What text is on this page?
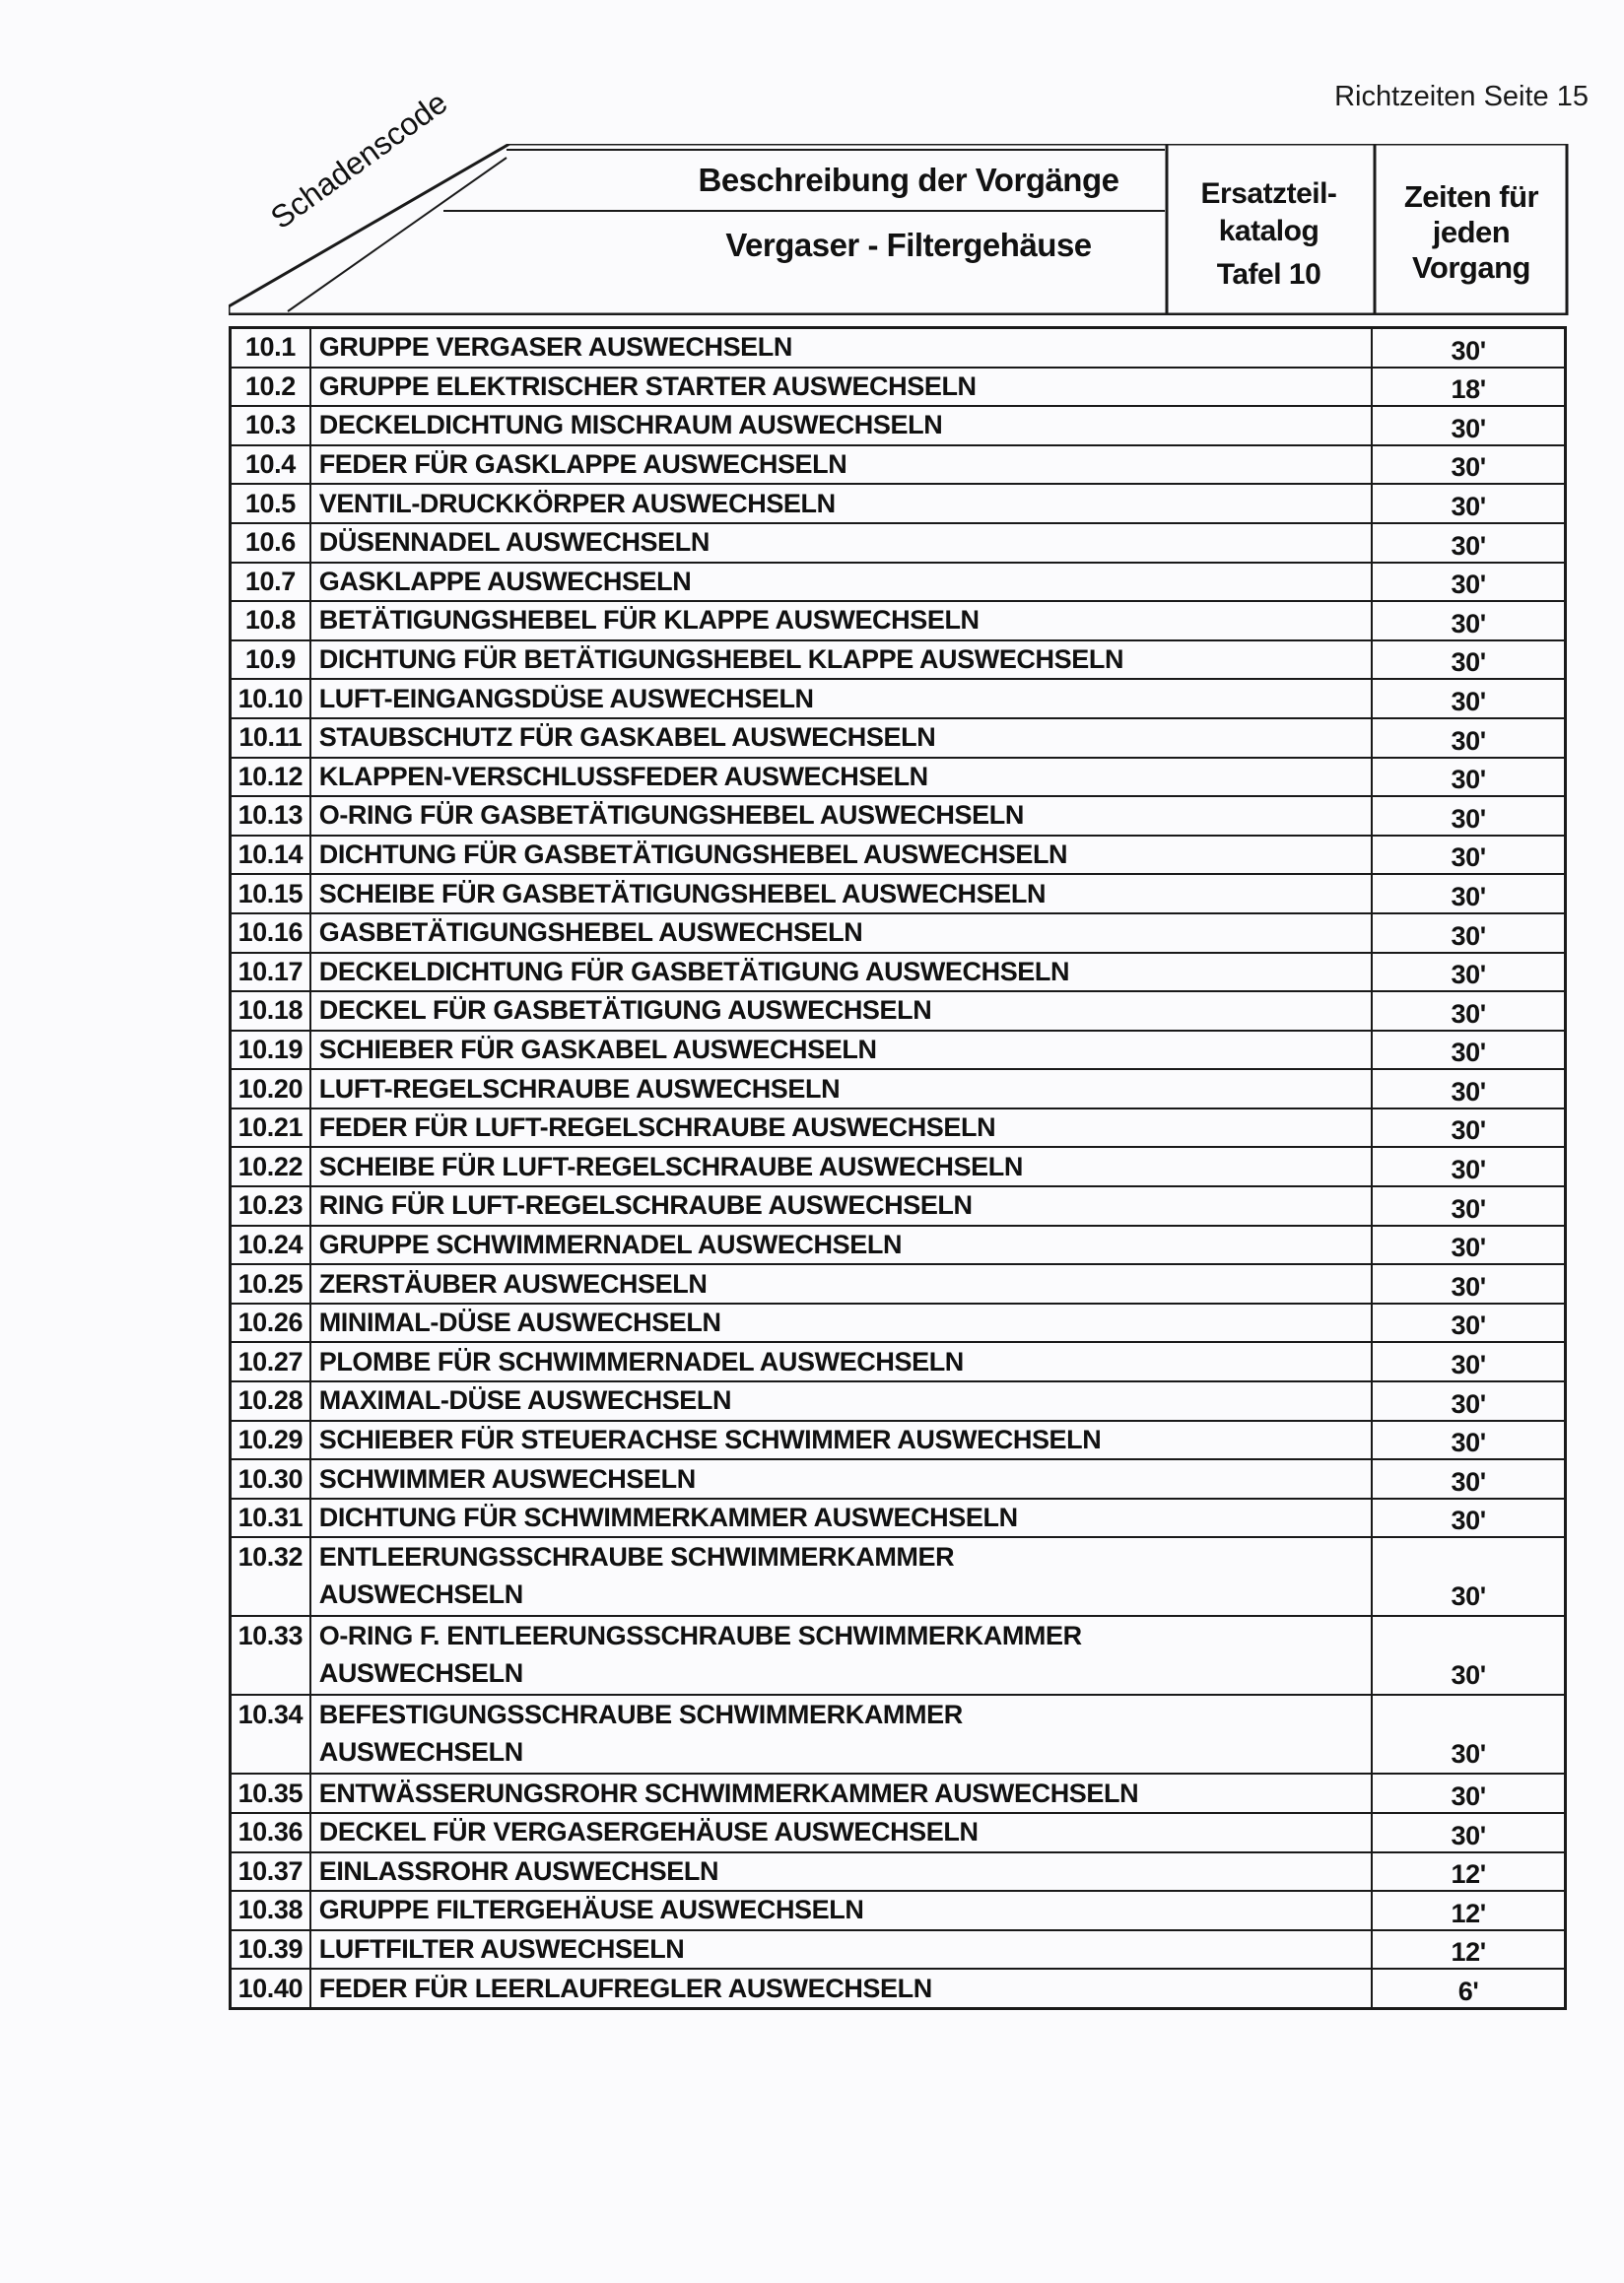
Richtzeiten Seite 15
Schadenscode	Beschreibung der Vorgänge
Vergaser - Filtergehäuse
Ersatzteil-
katalog
Tafel 10
Zeiten für
jeden
Vorgang
10.1	GRUPPE VERGASER AUSWECHSELN	30'
10.2	GRUPPE ELEKTRISCHER STARTER AUSWECHSELN	18'
10.3	DECKELDICHTUNG MISCHRAUM AUSWECHSELN	30'
10.4	FEDER FÜR GASKLAPPE AUSWECHSELN	30'
10.5	VENTIL-DRUCKKÖRPER AUSWECHSELN	30'
10.6	DÜSENNADEL AUSWECHSELN	30'
10.7	GASKLAPPE AUSWECHSELN	30'
10.8	BETÄTIGUNGSHEBEL FÜR KLAPPE AUSWECHSELN	30'
10.9	DICHTUNG FÜR BETÄTIGUNGSHEBEL KLAPPE AUSWECHSELN	30'
10.10	LUFT-EINGANGSDÜSE AUSWECHSELN	30'
10.11	STAUBSCHUTZ FÜR GASKABEL AUSWECHSELN	30'
10.12	KLAPPEN-VERSCHLUSSFEDER AUSWECHSELN	30'
10.13	O-RING FÜR GASBETÄTIGUNGSHEBEL AUSWECHSELN	30'
10.14	DICHTUNG FÜR GASBETÄTIGUNGSHEBEL AUSWECHSELN	30'
10.15	SCHEIBE FÜR GASBETÄTIGUNGSHEBEL AUSWECHSELN	30'
10.16	GASBETÄTIGUNGSHEBEL AUSWECHSELN	30'
10.17	DECKELDICHTUNG FÜR GASBETÄTIGUNG AUSWECHSELN	30'
10.18	DECKEL FÜR GASBETÄTIGUNG AUSWECHSELN	30'
10.19	SCHIEBER FÜR GASKABEL AUSWECHSELN	30'
10.20	LUFT-REGELSCHRAUBE AUSWECHSELN	30'
10.21	FEDER FÜR LUFT-REGELSCHRAUBE AUSWECHSELN	30'
10.22	SCHEIBE FÜR LUFT-REGELSCHRAUBE AUSWECHSELN	30'
10.23	RING FÜR LUFT-REGELSCHRAUBE AUSWECHSELN	30'
10.24	GRUPPE SCHWIMMERNADEL AUSWECHSELN	30'
10.25	ZERSTÄUBER AUSWECHSELN	30'
10.26	MINIMAL-DÜSE AUSWECHSELN	30'
10.27	PLOMBE FÜR SCHWIMMERNADEL AUSWECHSELN	30'
10.28	MAXIMAL-DÜSE AUSWECHSELN	30'
10.29	SCHIEBER FÜR STEUERACHSE SCHWIMMER AUSWECHSELN	30'
10.30	SCHWIMMER AUSWECHSELN	30'
10.31	DICHTUNG FÜR SCHWIMMERKAMMER AUSWECHSELN	30'
10.32	ENTLEERUNGSSCHRAUBE SCHWIMMERKAMMER
AUSWECHSELN	30'
10.33	O-RING F. ENTLEERUNGSSCHRAUBE SCHWIMMERKAMMER
AUSWECHSELN	30'
10.34	BEFESTIGUNGSSCHRAUBE SCHWIMMERKAMMER
AUSWECHSELN	30'
10.35	ENTWÄSSERUNGSROHR SCHWIMMERKAMMER AUSWECHSELN	30'
10.36	DECKEL FÜR VERGASERGEHÄUSE AUSWECHSELN	30'
10.37	EINLASSROHR AUSWECHSELN	12'
10.38	GRUPPE FILTERGEHÄUSE AUSWECHSELN	12'
10.39	LUFTFILTER AUSWECHSELN	12'
10.40	FEDER FÜR LEERLAUFREGLER AUSWECHSELN	6'
